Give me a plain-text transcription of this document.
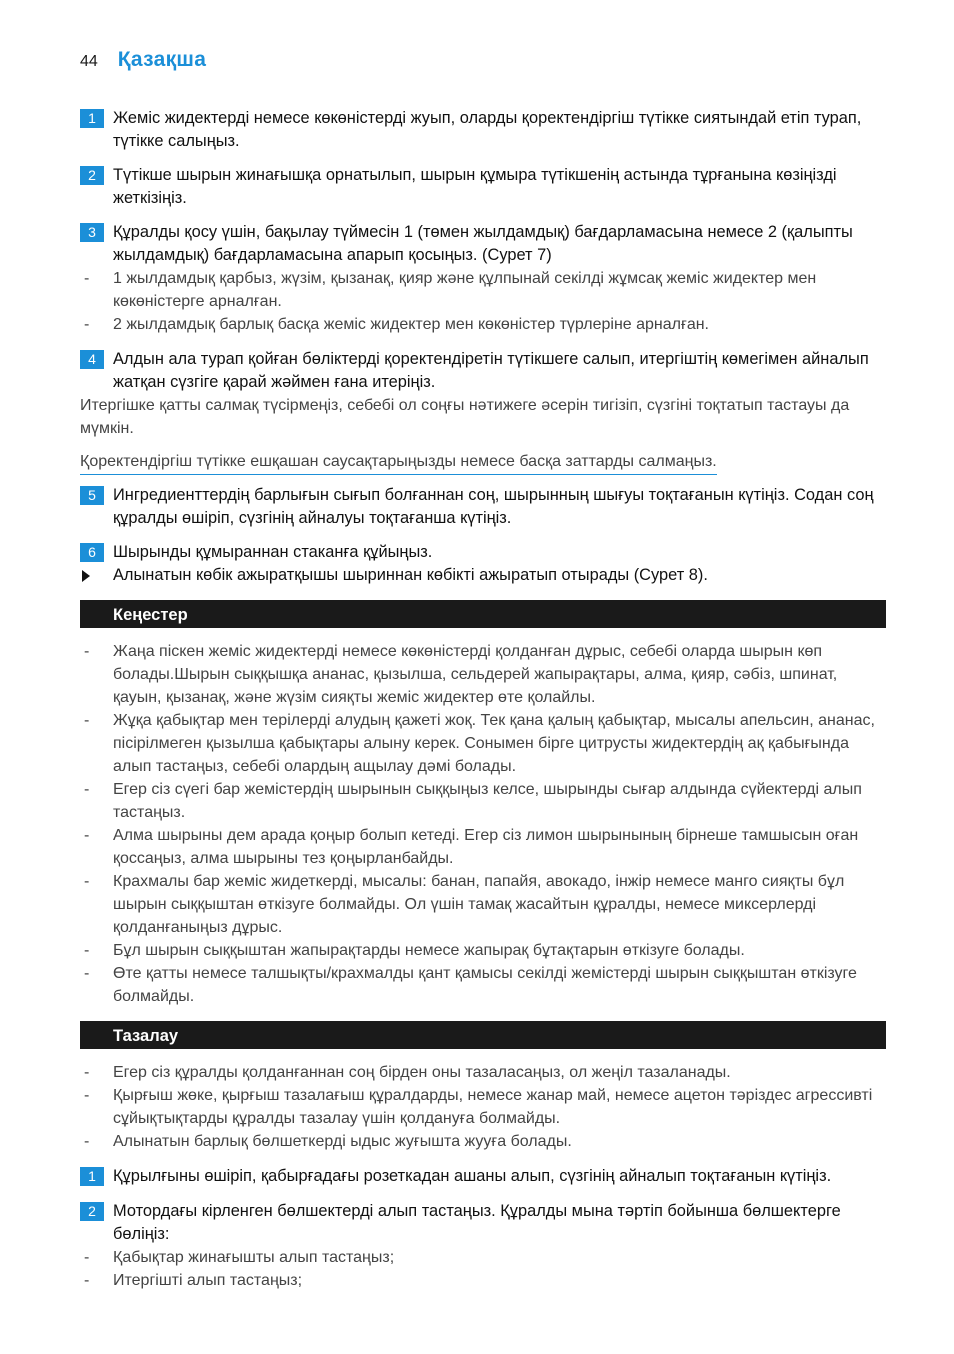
44 Қазақша
1	Жеміс жидектерді немесе көкөністерді жуып, оларды қоректендіргіш түтікке сиятындай етіп турап, түтікке салыңыз.
2	Түтікше шырын жинағышқа орнатылып, шырын құмыра түтікшенің астында тұрғанына көзіңізді жеткізіңіз.
3	Құралды қосу үшін, бақылау түймесін 1 (төмен жылдамдық) бағдарламасына немесе 2 (қалыпты жылдамдық) бағдарламасына апарып қосыңыз. (Сурет 7)
- 1 жылдамдық қарбыз, жүзім, қызанақ, қияр және құлпынай секілді жұмсақ жеміс жидектер мен көкөністерге арналған.
- 2 жылдамдық барлық басқа жеміс жидектер мен көкөністер түрлеріне арналған.
4	Алдын ала турап қойған бөліктерді қоректендіретін түтікшеге салып, итергіштің көмегімен айналып жатқан сүзгіге қарай жәймен ғана итеріңіз.
Итергішке қатты салмақ түсірмеңіз, себебі ол соңғы нәтижеге әсерін тигізіп, сүзгіні тоқтатып тастауы да мүмкін.
Қоректендіргіш түтікке ешқашан саусақтарыңызды немесе басқа заттарды салмаңыз.
5	Ингредиенттердің барлығын сығып болғаннан соң, шырынның шығуы тоқтағанын күтіңіз. Содан соң құралды өшіріп, сүзгінің айналуы тоқтағанша күтіңіз.
6	Шырынды құмыраннан стаканға құйыңыз.
Алынатын көбік ажыратқышы шыриннан көбікті ажыратып отырады (Сурет 8).
Кеңестер
- Жаңа піскен жеміс жидектерді немесе көкөністерді қолданған дұрыс, себебі оларда шырын көп болады.Шырын сыққышқа ананас, қызылша, сельдерей жапырақтары, алма, қияр, сәбіз, шпинат, қауын, қызанақ, және жүзім сияқты жеміс жидектер өте қолайлы.
- Жұқа қабықтар мен терілерді алудың қажеті жоқ. Тек қана қалың қабықтар, мысалы апельсин, ананас, пісірілмеген қызылша қабықтары алыну керек. Сонымен бірге цитрусты жидектердің ақ қабығында алып тастаңыз, себебі олардың ащылау дәмі болады.
- Егер сіз сүегі бар жемістердің шырынын сыққыңыз келсе, шырынды сығар алдында сүйектерді алып тастаңыз.
- Алма шырыны дем арада қоңыр болып кетеді. Егер сіз лимон шырынының бірнеше тамшысын оған қоссаңыз, алма шырыны тез қоңырланбайды.
- Крахмалы бар жеміс жидеткерді, мысалы: банан, папайя, авокадо, інжір немесе манго сияқты бұл шырын сыққыштан өткізуге болмайды. Ол үшін тамақ жасайтын құралды, немесе миксерлерді қолданғаныңыз дұрыс.
- Бұл шырын сыққыштан жапырақтарды немесе жапырақ бұтақтарын өткізуге болады.
- Өте қатты немесе талшықты/крахмалды қант қамысы секілді жемістерді шырын сыққыштан өткізуге болмайды.
Тазалау
- Егер сіз құралды қолданғаннан соң бірден оны тазаласаңыз, ол жеңіл тазаланады.
- Қырғыш жөке, қырғыш тазалағыш құралдарды, немесе жанар май, немесе ацетон тәріздес агрессивті сұйықтықтарды құралды тазалау үшін қолдануға болмайды.
- Алынатын барлық бөлшеткерді ыдыс жуғышта жууға болады.
1	Құрылғыны өшіріп, қабырғадағы розеткадан ашаны алып, сүзгінің айналып тоқтағанын күтіңіз.
2	Мотордағы кірленген бөлшектерді алып тастаңыз. Құралды мына тәртіп бойынша бөлшектерге бөліңіз:
- Қабықтар жинағышты алып тастаңыз;
- Итергішті алып тастаңыз;
